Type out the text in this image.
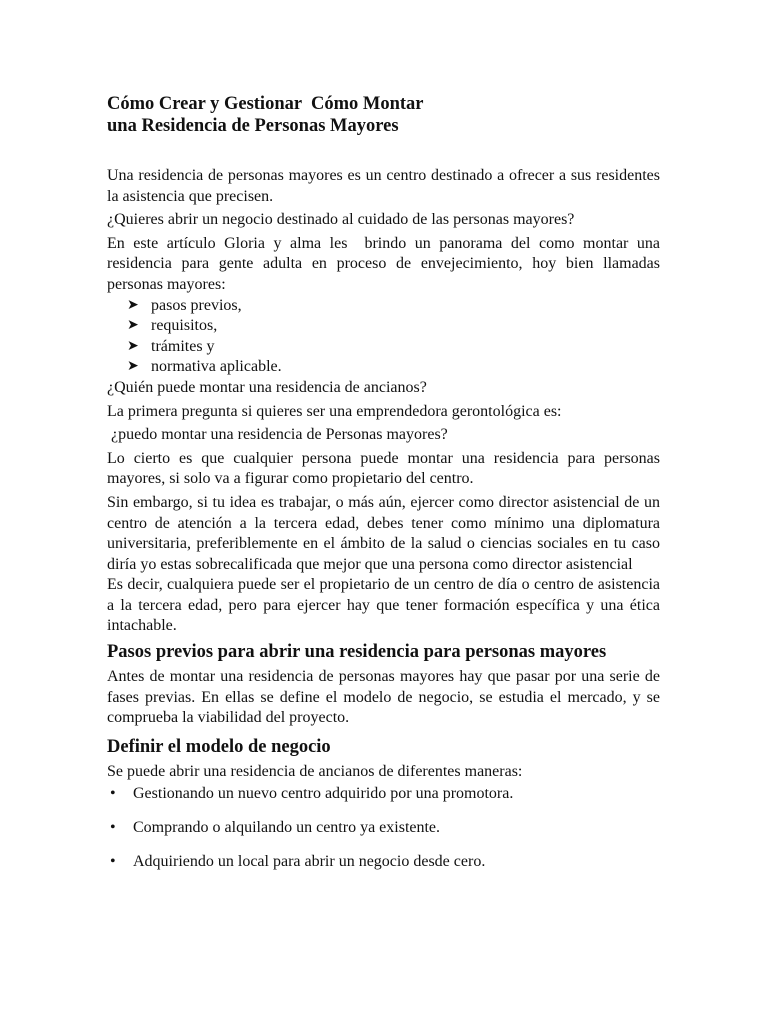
Cómo Crear y Gestionar  Cómo Montar
una Residencia de Personas Mayores

Una residencia de personas mayores es un centro destinado a ofrecer a sus residentes la asistencia que precisen.

¿Quieres abrir un negocio destinado al cuidado de las personas mayores?

En este artículo Gloria y alma les  brindo un panorama del como montar una residencia para gente adulta en proceso de envejecimiento, hoy bien llamadas personas mayores:

➤ pasos previos,
➤ requisitos,
➤ trámites y
➤ normativa aplicable.

¿Quién puede montar una residencia de ancianos?

La primera pregunta si quieres ser una emprendedora gerontológica es:

¿puedo montar una residencia de Personas mayores?

Lo cierto es que cualquier persona puede montar una residencia para personas mayores, si solo va a figurar como propietario del centro.

Sin embargo, si tu idea es trabajar, o más aún, ejercer como director asistencial de un centro de atención a la tercera edad, debes tener como mínimo una diplomatura universitaria, preferiblemente en el ámbito de la salud o ciencias sociales en tu caso diría yo estas sobrecalificada que mejor que una persona como director asistencial

Es decir, cualquiera puede ser el propietario de un centro de día o centro de asistencia a la tercera edad, pero para ejercer hay que tener formación específica y una ética intachable.

Pasos previos para abrir una residencia para personas mayores

Antes de montar una residencia de personas mayores hay que pasar por una serie de fases previas. En ellas se define el modelo de negocio, se estudia el mercado, y se comprueba la viabilidad del proyecto.

Definir el modelo de negocio

Se puede abrir una residencia de ancianos de diferentes maneras:

• Gestionando un nuevo centro adquirido por una promotora.
• Comprando o alquilando un centro ya existente.
• Adquiriendo un local para abrir un negocio desde cero.
